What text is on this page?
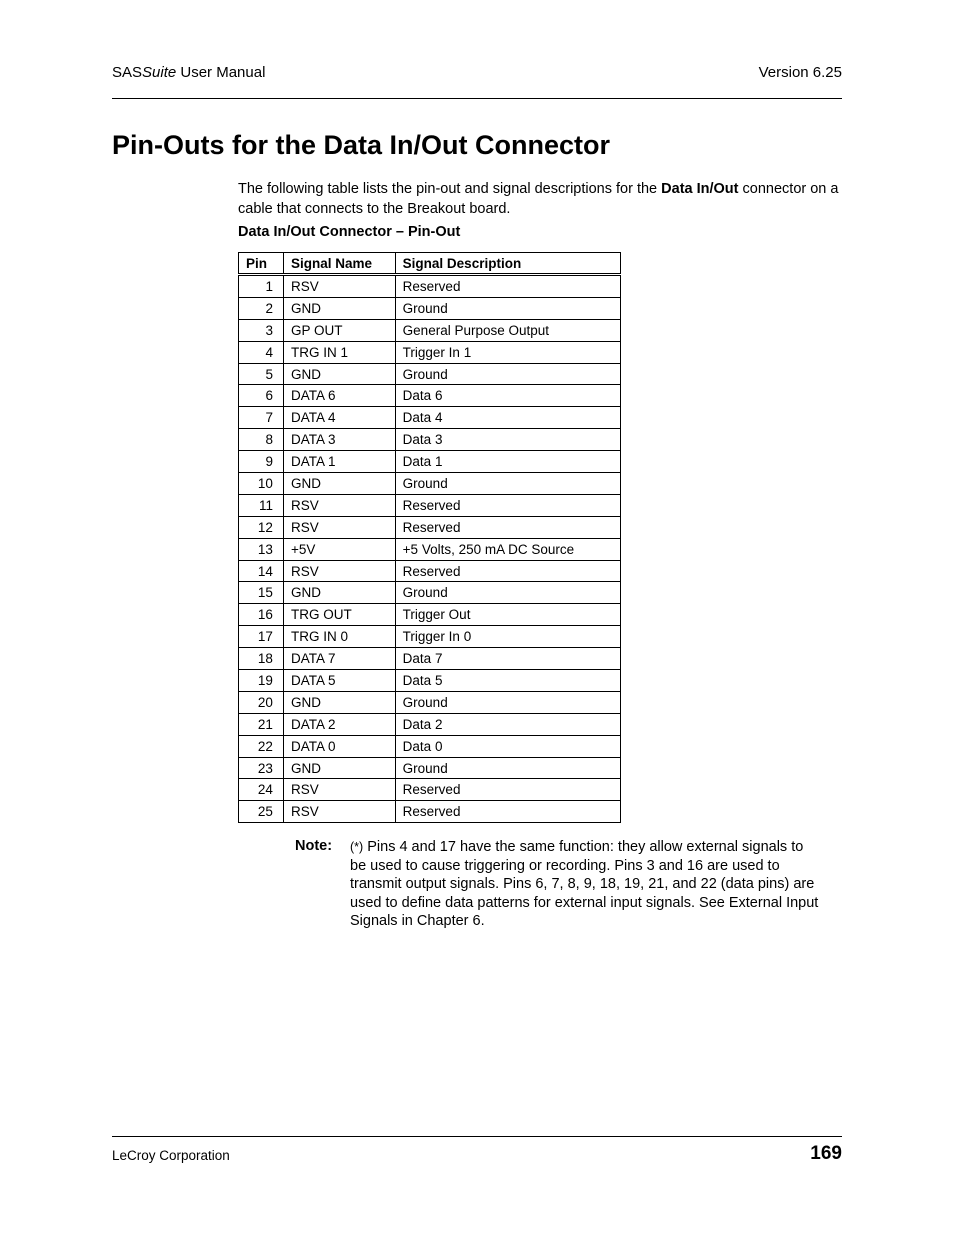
SASSuite User Manual	Version 6.25
Pin-Outs for the Data In/Out Connector

The following table lists the pin-out and signal descriptions for the Data In/Out connector on a cable that connects to the Breakout board.

Data In/Out Connector – Pin-Out
Pin	Signal Name	Signal Description
1	RSV	Reserved
2	GND	Ground
3	GP OUT	General Purpose Output
4	TRG IN 1	Trigger In 1
5	GND	Ground
6	DATA 6	Data 6
7	DATA 4	Data 4
8	DATA 3	Data 3
9	DATA 1	Data 1
10	GND	Ground
11	RSV	Reserved
12	RSV	Reserved
13	+5V	+5 Volts, 250 mA DC Source
14	RSV	Reserved
15	GND	Ground
16	TRG OUT	Trigger Out
17	TRG IN 0	Trigger In 0
18	DATA 7	Data 7
19	DATA 5	Data 5
20	GND	Ground
21	DATA 2	Data 2
22	DATA 0	Data 0
23	GND	Ground
24	RSV	Reserved
25	RSV	Reserved
Note: (*) Pins 4 and 17 have the same function: they allow external signals to be used to cause triggering or recording. Pins 3 and 16 are used to transmit output signals. Pins 6, 7, 8, 9, 18, 19, 21, and 22 (data pins) are used to define data patterns for external input signals. See External Input Signals in Chapter 6.

LeCroy Corporation	169
